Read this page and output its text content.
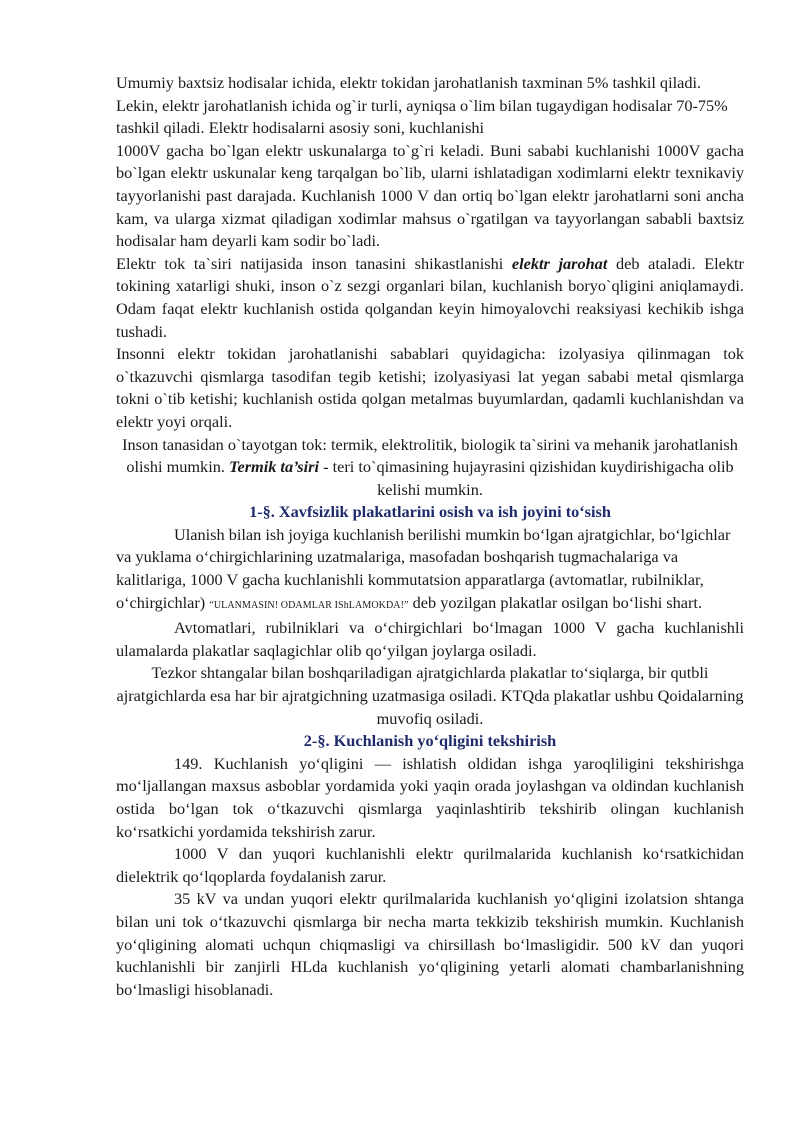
Umumiy baxtsiz hodisalar ichida, elektr tokidan jarohatlanish taxminan 5% tashkil qiladi. Lekin, elektr jarohatlanish ichida og`ir turli, ayniqsa o`lim bilan tugaydigan hodisalar 70-75% tashkil qiladi. Elektr hodisalarni asosiy soni, kuchlanishi

1000V gacha bo`lgan elektr uskunalarga to`g`ri keladi. Buni sababi kuchlanishi 1000V gacha bo`lgan elektr uskunalar keng tarqalgan bo`lib, ularni ishlatadigan xodimlarni elektr texnikaviy tayyorlanishi past darajada. Kuchlanish 1000 V dan ortiq bo`lgan elektr jarohatlarni soni ancha kam, va ularga xizmat qiladigan xodimlar mahsus o`rgatilgan va tayyorlangan sababli baxtsiz hodisalar ham deyarli kam sodir bo`ladi.

Elektr tok ta`siri natijasida inson tanasini shikastlanishi elektr jarohat deb ataladi. Elektr tokining xatarligi shuki, inson o`z sezgi organlari bilan, kuchlanish boryo`qligini aniqlamaydi. Odam faqat elektr kuchlanish ostida qolgandan keyin himoyalovchi reaksiyasi kechikib ishga tushadi.

Insonni elektr tokidan jarohatlanishi sabablari quyidagicha: izolyasiya qilinmagan tok o`tkazuvchi qismlarga tasodifan tegib ketishi; izolyasiyasi lat yegan sababi metal qismlarga tokni o`tib ketishi; kuchlanish ostida qolgan metalmas buyumlardan, qadamli kuchlanishdan va elektr yoyi orqali.

Inson tanasidan o`tayotgan tok: termik, elektrolitik, biologik ta`sirini va mehanik jarohatlanish olishi mumkin. Termik ta’siri - teri to`qimasining hujayrasini qizishidan kuydirishigacha olib kelishi mumkin.

1-§. Xavfsizlik plakatlarini osish va ish joyini to‘sish

Ulanish bilan ish joyiga kuchlanish berilishi mumkin bo‘lgan ajratgichlar, bo‘lgichlar va yuklama o‘chirgichlarining uzatmalariga, masofadan boshqarish tugmachalariga va kalitlariga, 1000 V gacha kuchlanishli kommutatsion apparatlarga (avtomatlar, rubilniklar, o‘chirgichlar) “ULANMASIN! ODAMLAR IShLAMOKDA!” deb yozilgan plakatlar osilgan bo‘lishi shart.

Avtomatlari, rubilniklari va o‘chirgichlari bo‘lmagan 1000 V gacha kuchlanishli ulamalarda plakatlar saqlagichlar olib qo‘yilgan joylarga osiladi.

Tezkor shtangalar bilan boshqariladigan ajratgichlarda plakatlar to‘siqlarga, bir qutbli ajratgichlarda esa har bir ajratgichning uzatmasiga osiladi. KTQda plakatlar ushbu Qoidalarning muvofiq osiladi.

2-§. Kuchlanish yo‘qligini tekshirish

149. Kuchlanish yo‘qligini — ishlatish oldidan ishga yaroqliligini tekshirishga mo‘ljallangan maxsus asboblar yordamida yoki yaqin orada joylashgan va oldindan kuchlanish ostida bo‘lgan tok o‘tkazuvchi qismlarga yaqinlashtirib tekshirib olingan kuchlanish ko‘rsatkichi yordamida tekshirish zarur.

1000 V dan yuqori kuchlanishli elektr qurilmalarida kuchlanish ko‘rsatkichidan dielektrik qo‘lqoplarda foydalanish zarur.

35 kV va undan yuqori elektr qurilmalarida kuchlanish yo‘qligini izolatsion shtanga bilan uni tok o‘tkazuvchi qismlarga bir necha marta tekkizib tekshirish mumkin. Kuchlanish yo‘qligining alomati uchqun chiqmasligi va chirsillash bo‘lmasligidir. 500 kV dan yuqori kuchlanishli bir zanjirli HLda kuchlanish yo‘qligining yetarli alomati chambarlanishning bo‘lmasligi hisoblanadi.
